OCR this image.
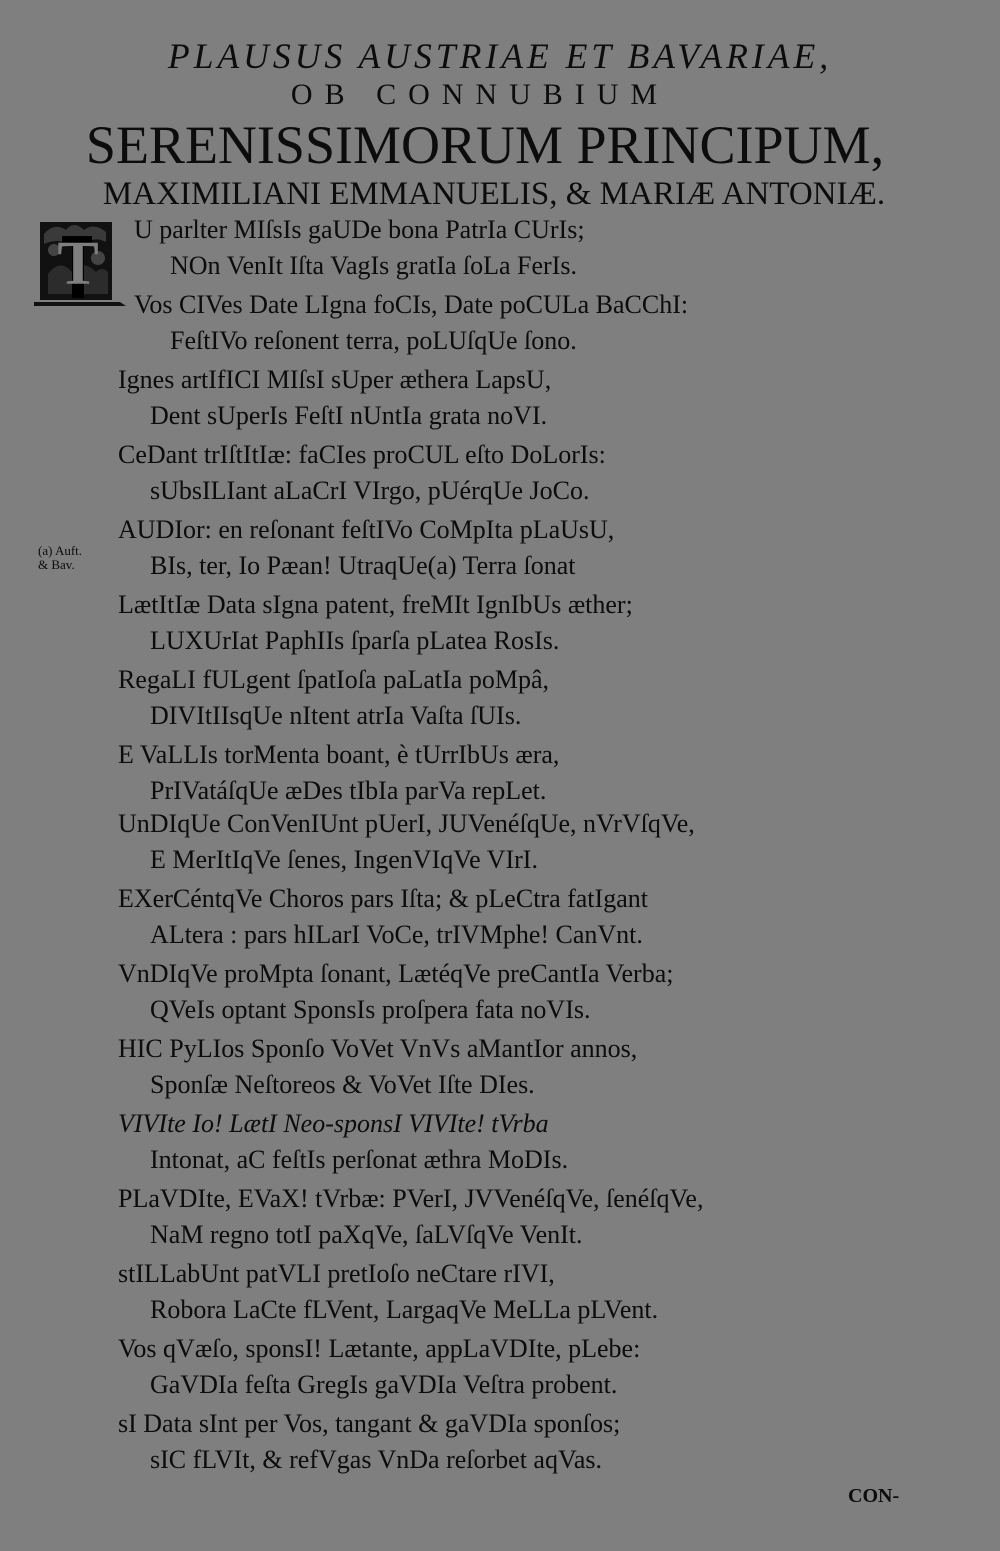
PLAUSUS AUSTRIAE ET BAVARIAE,
OB CONNUBIUM
SERENISSIMORUM PRINCIPUM,
MAXIMILIANI EMMANUELIS, & MARIÆ ANTONIÆ.
T
(a) Auft.
& Bav.
U parlter MIſsIs gaUDe bona PatrIa CUrIs;
NOn VenIt Iſta VagIs gratIa ſoLa FerIs.
Vos CIVes Date LIgna foCIs, Date poCULa BaCChI:
FeſtIVo reſonent terra, poLUſqUe ſono.
Ignes artIfICI MIſsI sUper æthera LapsU,
Dent sUperIs FeſtI nUntIa grata noVI.
CeDant trIſtItIæ: faCIes proCUL eſto DoLorIs:
sUbsILIant aLaCrI VIrgo, pUérqUe JoCo.
AUDIor: en reſonant feſtIVo CoMpIta pLaUsU,
BIs, ter, Io Pæan! UtraqUe(a) Terra ſonat
LætItIæ Data sIgna patent, freMIt IgnIbUs æther;
LUXUrIat PaphIIs ſparſa pLatea RosIs.
RegaLI fULgent ſpatIoſa paLatIa poMpâ,
DIVItIIsqUe nItent atrIa Vaſta ſUIs.
E VaLLIs torMenta boant, è tUrrIbUs æra,
PrIVatáſqUe æDes tIbIa parVa repLet.
UnDIqUe ConVenIUnt pUerI, JUVenéſqUe, nVrVſqVe,
E MerItIqVe ſenes, IngenVIqVe VIrI.
EXerCéntqVe Choros pars Iſta; & pLeCtra fatIgant
ALtera : pars hILarI VoCe, trIVMphe! CanVnt.
VnDIqVe proMpta ſonant, LætéqVe preCantIa Verba;
QVeIs optant SponsIs proſpera fata noVIs.
HIC PyLIos Sponſo VoVet VnVs aMantIor annos,
Sponſæ Neſtoreos & VoVet Iſte DIes.
VIVIte Io! LætI Neo-sponsI VIVIte! tVrba
Intonat, aC feſtIs perſonat æthra MoDIs.
PLaVDIte, EVaX! tVrbæ: PVerI, JVVenéſqVe, ſenéſqVe,
NaM regno totI paXqVe, ſaLVſqVe VenIt.
stILLabUnt patVLI pretIoſo neCtare rIVI,
Robora LaCte fLVent, LargaqVe MeLLa pLVent.
Vos qVæſo, sponsI! Lætante, appLaVDIte, pLebe:
GaVDIa feſta GregIs gaVDIa Veſtra probent.
sI Data sInt per Vos, tangant & gaVDIa sponſos;
sIC fLVIt, & refVgas VnDa reſorbet aqVas.
CON-
